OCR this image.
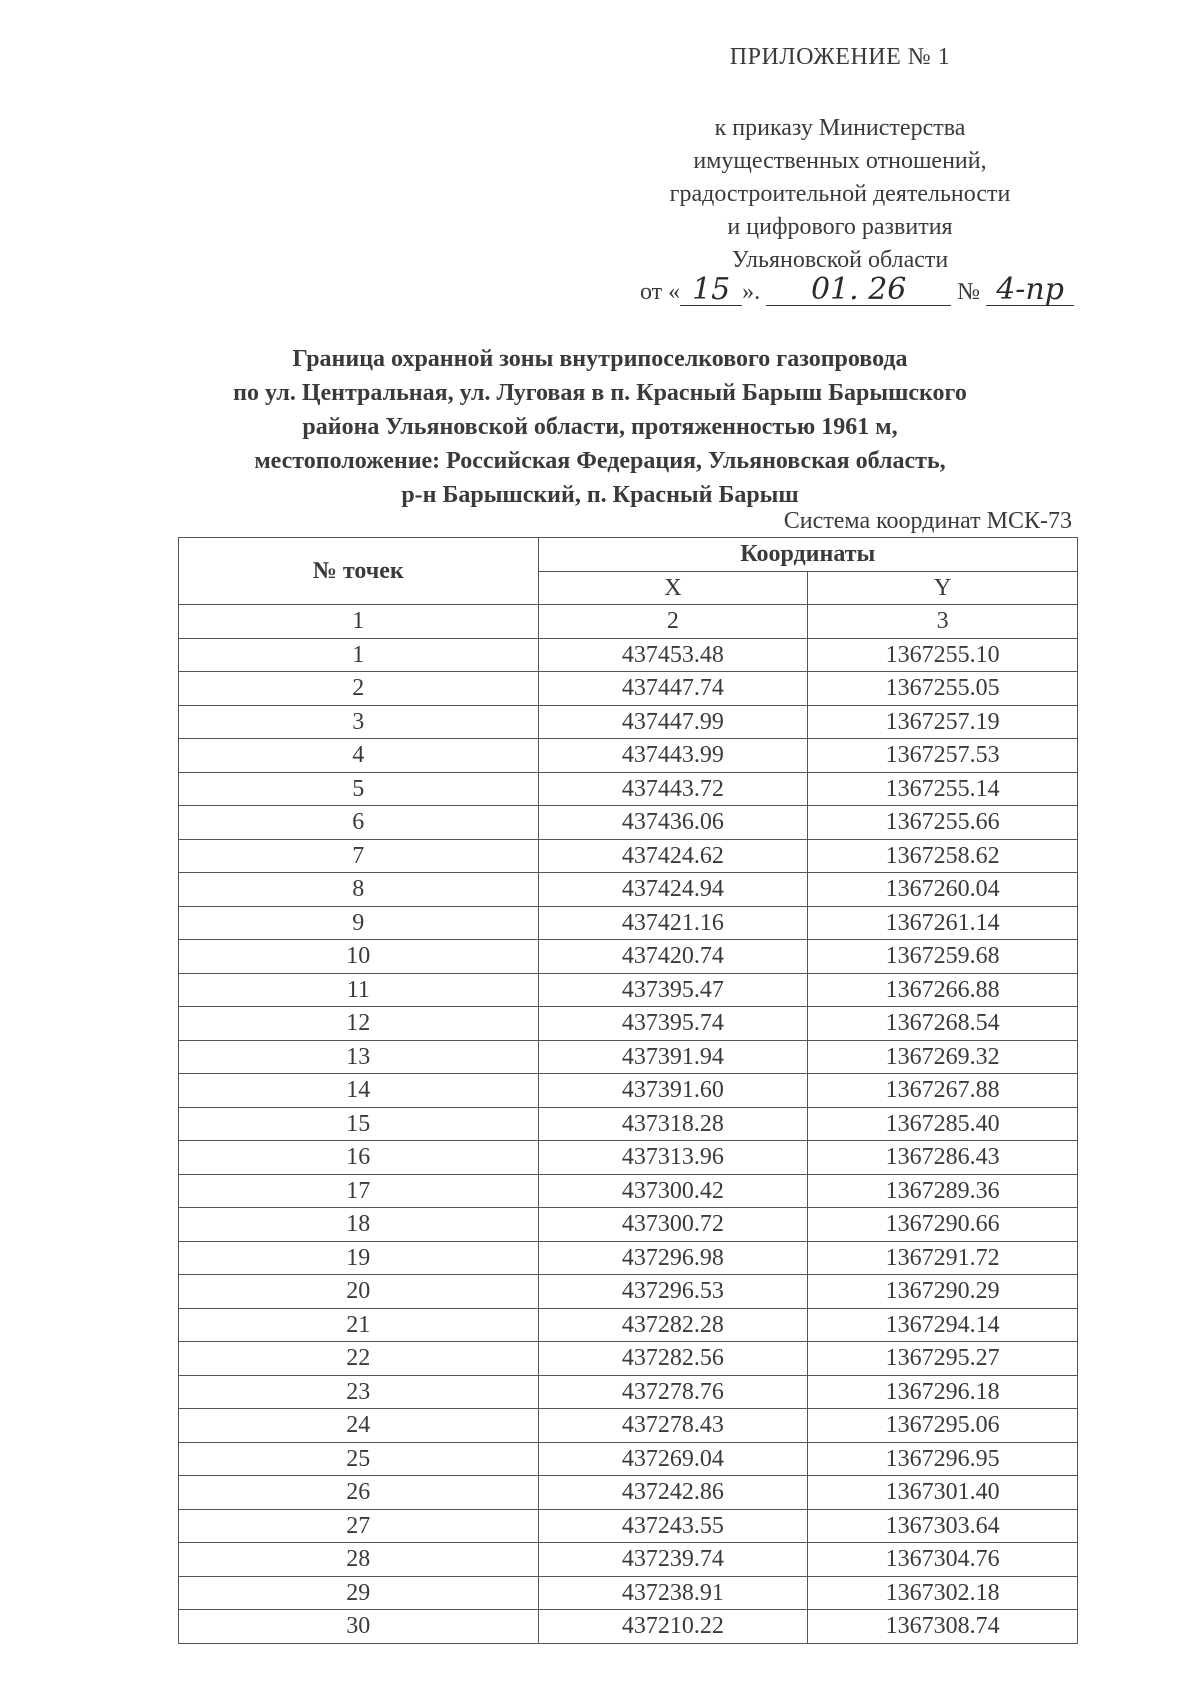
ПРИЛОЖЕНИЕ № 1
к приказу Министерства
имущественных отношений,
градостроительной деятельности
и цифрового развития
Ульяновской области
от « 15 ». 01. 26 № 4-пр
Граница охранной зоны внутрипоселкового газопровода
по ул. Центральная, ул. Луговая в п. Красный Барыш Барышского
района Ульяновской области, протяженностью 1961 м,
местоположение: Российская Федерация, Ульяновская область,
р-н Барышский, п. Красный Барыш
Система координат МСК-73
№ точек	Координаты	
	X	Y
1	2	3
1	437453.48	1367255.10
2	437447.74	1367255.05
3	437447.99	1367257.19
4	437443.99	1367257.53
5	437443.72	1367255.14
6	437436.06	1367255.66
7	437424.62	1367258.62
8	437424.94	1367260.04
9	437421.16	1367261.14
10	437420.74	1367259.68
11	437395.47	1367266.88
12	437395.74	1367268.54
13	437391.94	1367269.32
14	437391.60	1367267.88
15	437318.28	1367285.40
16	437313.96	1367286.43
17	437300.42	1367289.36
18	437300.72	1367290.66
19	437296.98	1367291.72
20	437296.53	1367290.29
21	437282.28	1367294.14
22	437282.56	1367295.27
23	437278.76	1367296.18
24	437278.43	1367295.06
25	437269.04	1367296.95
26	437242.86	1367301.40
27	437243.55	1367303.64
28	437239.74	1367304.76
29	437238.91	1367302.18
30	437210.22	1367308.74
